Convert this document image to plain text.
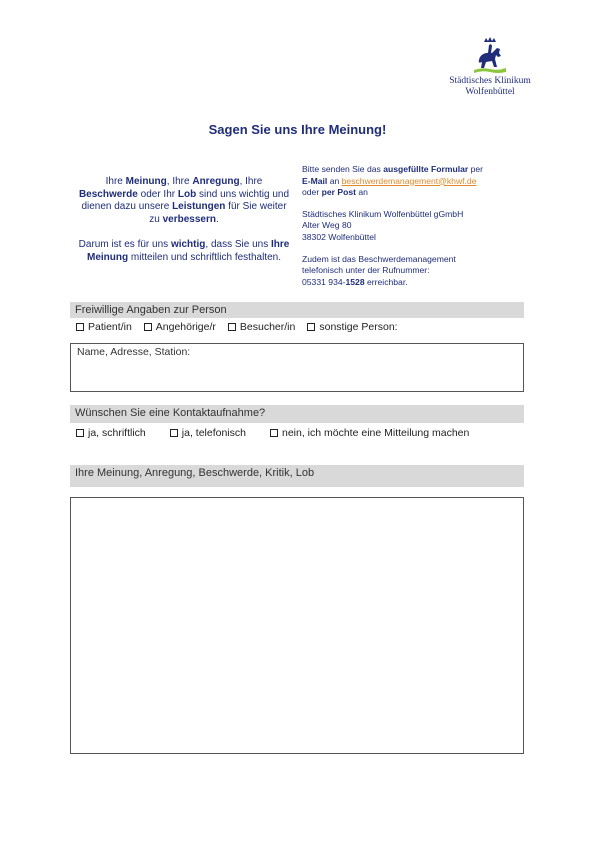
Städtisches Klinikum
Wolfenbüttel
Sagen Sie uns Ihre Meinung!

Ihre Meinung, Ihre Anregung, Ihre Beschwerde oder Ihr Lob sind uns wichtig und dienen dazu unsere Leistungen für Sie weiter zu verbessern.

Darum ist es für uns wichtig, dass Sie uns Ihre Meinung mitteilen und schriftlich festhalten.

Bitte senden Sie das ausgefüllte Formular per
E-Mail an beschwerdemanagement@khwf.de
oder per Post an

Städtisches Klinikum Wolfenbüttel gGmbH
Alter Weg 80
38302 Wolfenbüttel

Zudem ist das Beschwerdemanagement
telefonisch unter der Rufnummer:
05331 934-1528 erreichbar.

Freiwillige Angaben zur Person
Patient/in Angehörige/r Besucher/in sonstige Person:
Name, Adresse, Station:
Wünschen Sie eine Kontaktaufnahme?
ja, schriftlich	ja, telefonisch	nein, ich möchte eine Mitteilung machen
Ihre Meinung, Anregung, Beschwerde, Kritik, Lob
